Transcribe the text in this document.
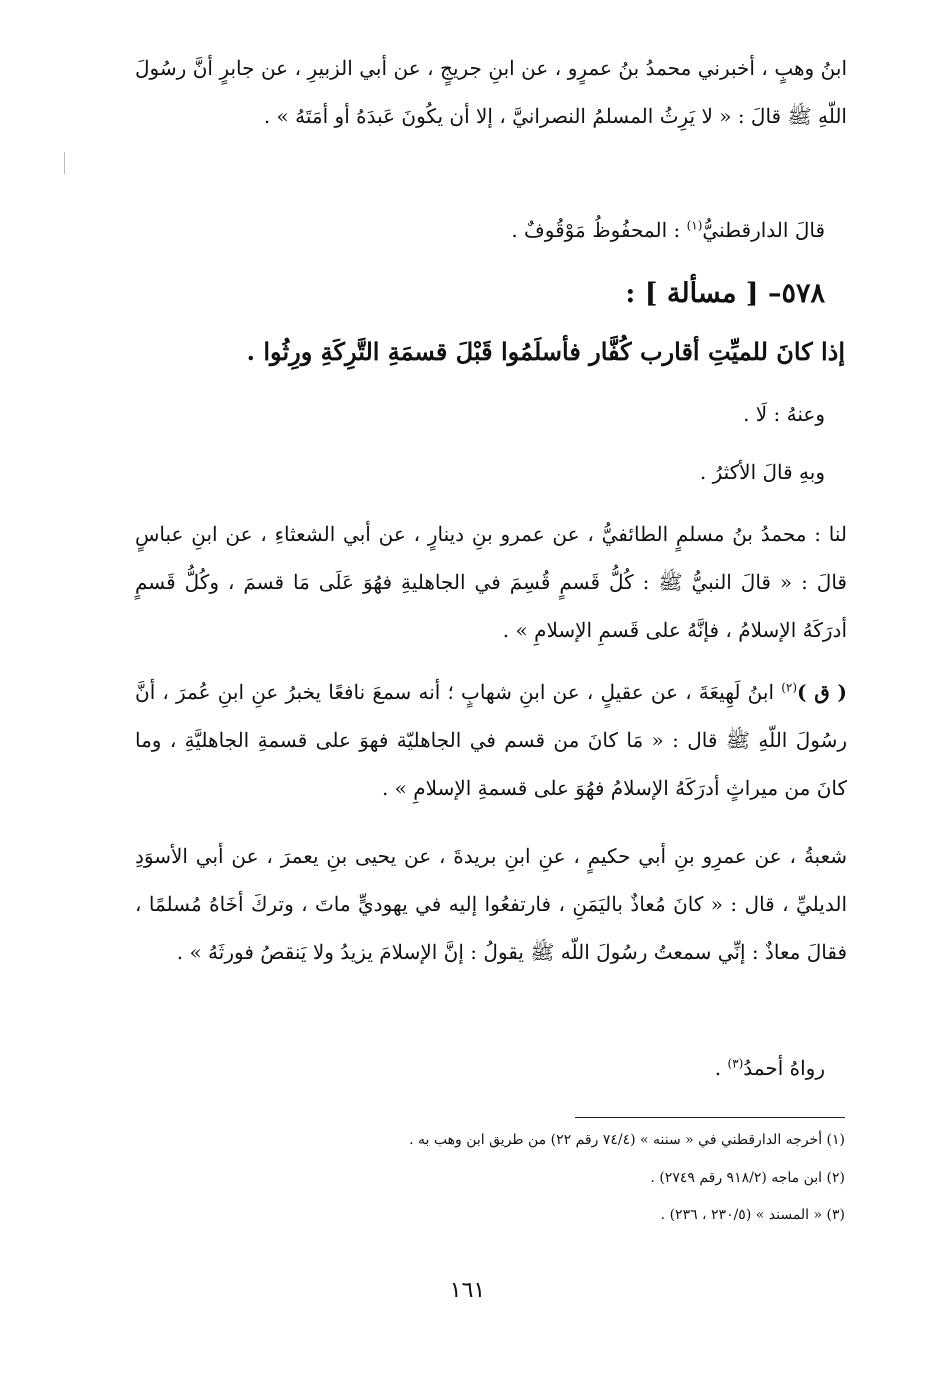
ابنُ وهبٍ ، أخبرني محمدُ بنُ عمرٍو ، عن ابنِ جريجٍ ، عن أبي الزبيرِ ، عن جابرٍ أنَّ رسُولَ اللّهِ ﷺ قالَ : « لا يَرِثُ المسلمُ النصرانيَّ ، إلا أن يكُونَ عَبدَهُ أو أمَتَهُ » .

قالَ الدارقطنيُّ$^{(١)}$ : المحفُوظُ مَوْقُوفٌ .

٥٧٨– [ مسألة ] :

إذا كانَ للميِّتِ أقارب كُفَّار فأسلَمُوا قَبْلَ قسمَةِ التَّرِكَةِ ورِثُوا .

وعنهُ : لَا .

وبهِ قالَ الأكثرُ .

لنا : محمدُ بنُ مسلمٍ الطائفيُّ ، عن عمرو بنِ دينارٍ ، عن أبي الشعثاءِ ، عن ابنِ عباسٍ قالَ : « قالَ النبيُّ ﷺ : كُلُّ قَسمٍ قُسِمَ في الجاهليةِ فهُوَ عَلَى مَا قسمَ ، وكُلُّ قَسمٍ أدرَكَهُ الإسلامُ ، فإنَّهُ على قَسمِ الإسلامِ » .

( ق )$^{(٢)}$ ابنُ لَهِيعَةَ ، عن عقيلٍ ، عن ابنِ شهابٍ ؛ أنه سمعَ نافعًا يخبرُ عنِ ابنِ عُمرَ ، أنَّ رسُولَ اللّهِ ﷺ قال : « مَا كانَ من قسم في الجاهليّة فهوَ على قسمةِ الجاهليَّةِ ، وما كانَ من ميراثٍ أدرَكَهُ الإسلامُ فهُوَ على قسمةِ الإسلامِ » .

شعبةُ ، عن عمرِو بنِ أبي حكيمٍ ، عنِ ابنِ بريدةَ ، عن يحيى بنِ يعمرَ ، عن أبي الأسوَدِ الديليِّ ، قال : « كانَ مُعاذٌ باليَمَنِ ، فارتفعُوا إليه في يهوديٍّ ماتَ ، وتركَ أخَاهُ مُسلمًا ، فقالَ معاذٌ : إنِّي سمعتُ رسُولَ اللّه ﷺ يقولُ : إنَّ الإسلامَ يزيدُ ولا يَنقصُ فورثَهُ » .

رواهُ أحمدُ$^{(٣)}$ .

(١) أخرجه الدارقطني في « سننه » (٧٤/٤ رقم ٢٢) من طريق ابن وهب به .

(٢) ابن ماجه (٩١٨/٢ رقم ٢٧٤٩) .

(٣) « المسند » (٢٣٠/٥ ، ٢٣٦) .

١٦١
